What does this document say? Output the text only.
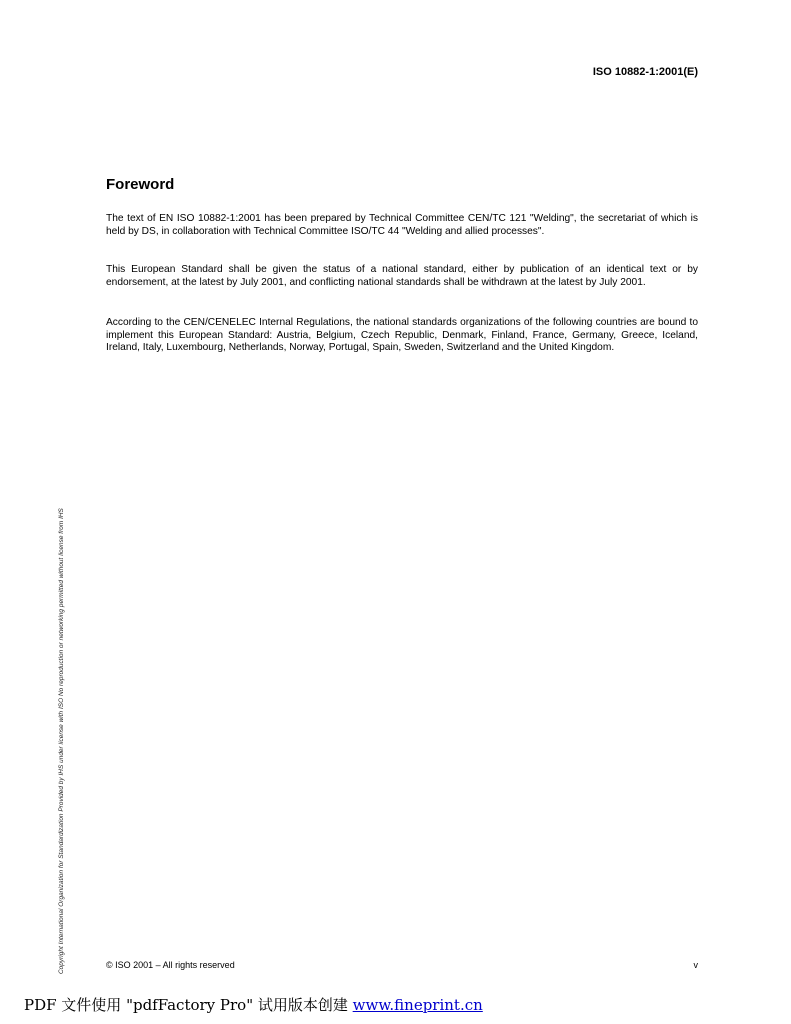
ISO 10882-1:2001(E)
Copyright International Organization for Standardization Provided by IHS under license with ISO No reproduction or networking permitted without license from IHS
Foreword

The text of EN ISO 10882-1:2001 has been prepared by Technical Committee CEN/TC 121 "Welding", the secretariat of which is held by DS, in collaboration with Technical Committee ISO/TC 44 "Welding and allied processes".

This European Standard shall be given the status of a national standard, either by publication of an identical text or by endorsement, at the latest by July 2001, and conflicting national standards shall be withdrawn at the latest by July 2001.

According to the CEN/CENELEC Internal Regulations, the national standards organizations of the following countries are bound to implement this European Standard: Austria, Belgium, Czech Republic, Denmark, Finland, France, Germany, Greece, Iceland, Ireland, Italy, Luxembourg, Netherlands, Norway, Portugal, Spain, Sweden, Switzerland and the United Kingdom.

© ISO 2001 – All rights reserved	v
PDF 文件使用 "pdfFactory Pro" 试用版本创建 www.fineprint.cn
